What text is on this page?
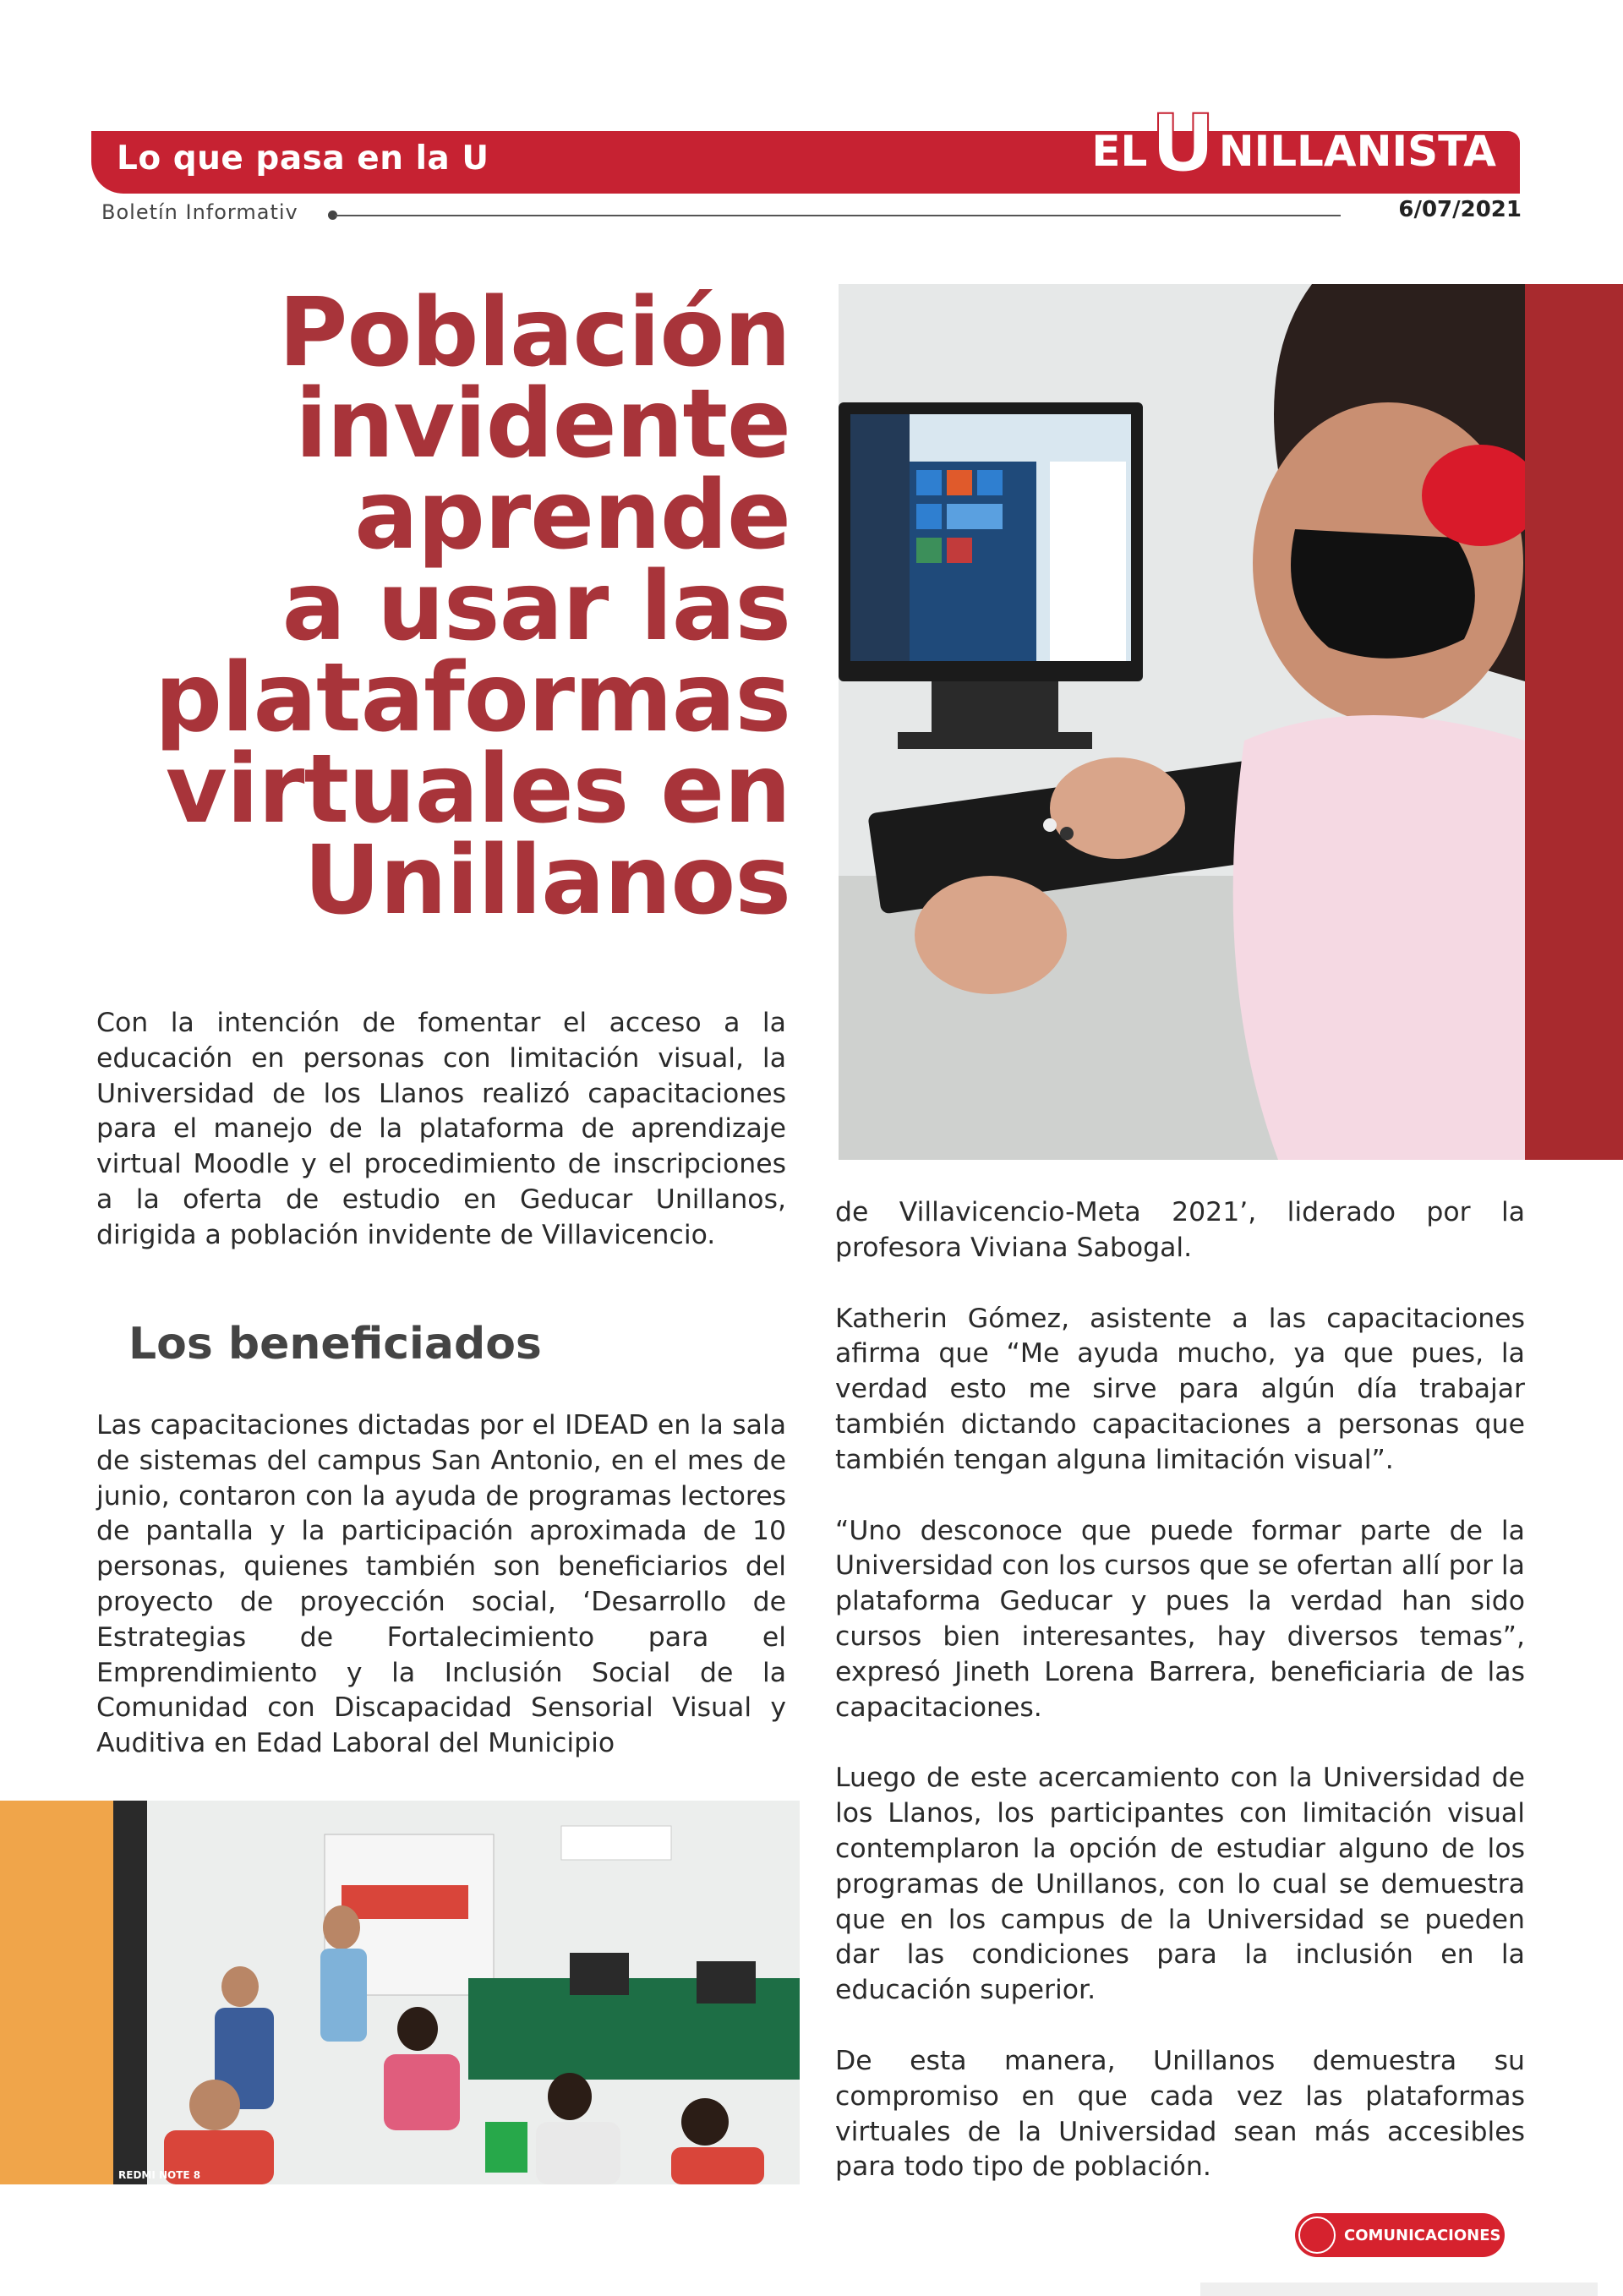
Lo que pasa en la U	EL U NILLANISTA
Boletín Informativ	6/07/2021
Población
invidente
aprende
a usar las
plataformas
virtuales en
Unillanos
Con la intención de fomentar el acceso a la educación en personas con limitación visual, la Universidad de los Llanos realizó capacitaciones para el manejo de la plataforma de aprendizaje virtual Moodle y el procedimiento de inscripciones a la oferta de estudio en Geducar Unillanos, dirigida a población invidente de Villavicencio.
Los beneficiados
Las capacitaciones dictadas por el IDEAD en la sala de sistemas del campus San Antonio, en el mes de junio, contaron con la ayuda de programas lectores de pantalla y la participación aproximada de 10 personas, quienes también son beneficiarios del proyecto de proyección social, ‘Desarrollo de Estrategias de Fortalecimiento para el Emprendimiento y la Inclusión Social de la Comunidad con Discapacidad Sensorial Visual y Auditiva en Edad Laboral del Municipio

de Villavicencio-Meta 2021’, liderado por la profesora Viviana Sabogal.

Katherin Gómez, asistente a las capacitaciones afirma que “Me ayuda mucho, ya que pues, la verdad esto me sirve para algún día trabajar también dictando capacitaciones a personas que también tengan alguna limitación visual”.

“Uno desconoce que puede formar parte de la Universidad con los cursos que se ofertan allí por la plataforma Geducar y pues la verdad han sido cursos bien interesantes, hay diversos temas”, expresó Jineth Lorena Barrera, beneficiaria de las capacitaciones.

Luego de este acercamiento con la Universidad de los Llanos, los participantes con limitación visual contemplaron la opción de estudiar alguno de los programas de Unillanos, con lo cual se demuestra que en los campus de la Universidad se pueden dar las condiciones para la inclusión en la educación superior.

De esta manera, Unillanos demuestra su compromiso en que cada vez las plataformas virtuales de la Universidad sean más accesibles para todo tipo de población.

REDMI NOTE 8
COMUNICACIONES
